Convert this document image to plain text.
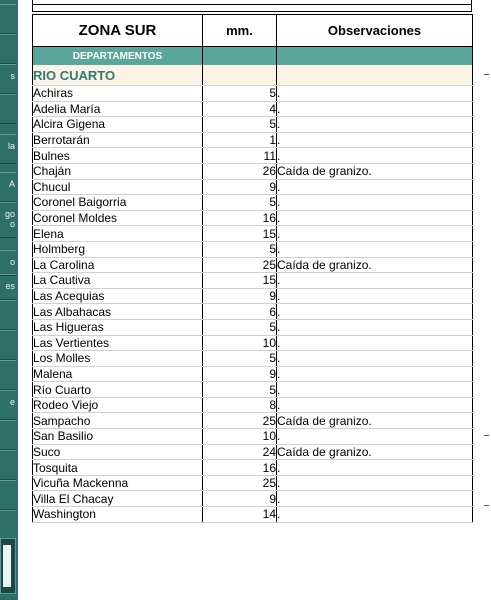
s
la
A
go
o
o
es
e
ZONA SUR	mm.	Observaciones
DEPARTAMENTOS		
RIO CUARTO		
Achiras	5	.
Adelia María	4	.
Alcira Gigena	5	.
Berrotarán	1	.
Bulnes	11	.
Chaján	26	Caída de granizo.
Chucul	9	.
Coronel Baigorria	5	.
Coronel Moldes	16	.
Elena	15	.
Holmberg	5	.
La Carolina	25	Caída de granizo.
La Cautiva	15	.
Las Acequias	9	.
Las Albahacas	6	.
Las Higueras	5	.
Las Vertientes	10	.
Los Molles	5	.
Malena	9	.
Río Cuarto	5	.
Rodeo Viejo	8	.
Sampacho	25	Caída de granizo.
San Basilio	10	.
Suco	24	Caída de granizo.
Tosquita	16	.
Vicuña Mackenna	25	.
Villa El Chacay	9	.
Washington	14	.
